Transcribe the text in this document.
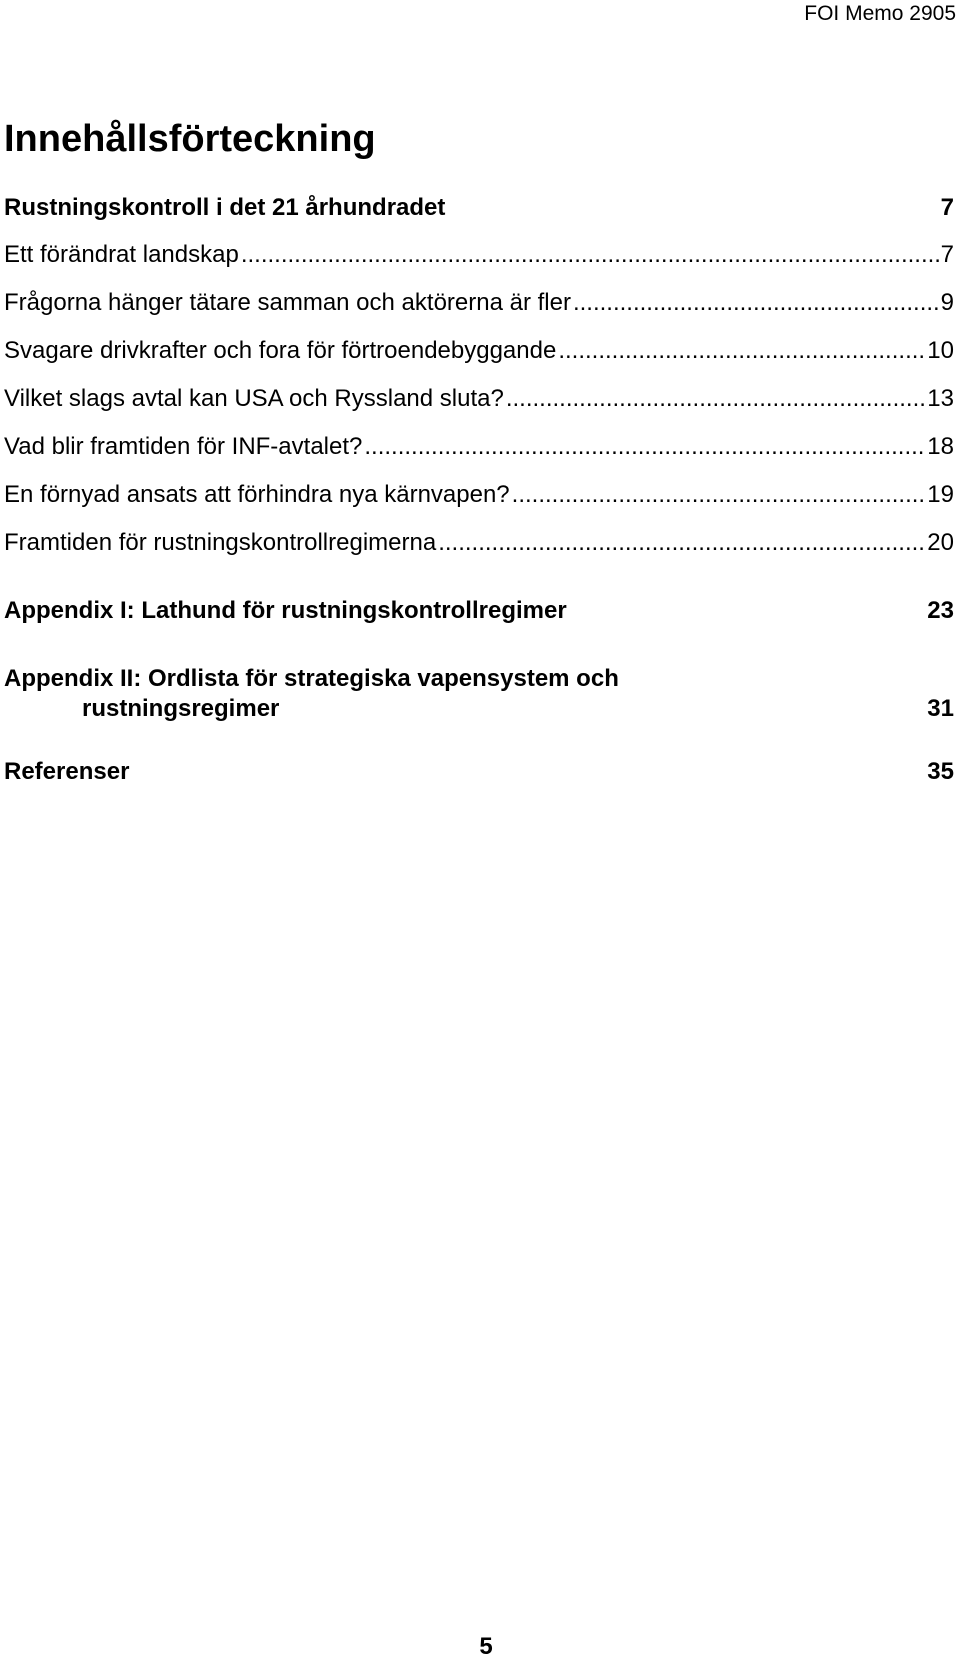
FOI Memo 2905
Innehållsförteckning
Rustningskontroll i det 21 århundradet	7
Ett förändrat landskap .....	7
Frågorna hänger tätare samman och aktörerna är fler .....	9
Svagare drivkrafter och fora för förtroendebyggande .....	10
Vilket slags avtal kan USA och Ryssland sluta? .....	13
Vad blir framtiden för INF-avtalet? .....	18
En förnyad ansats att förhindra nya kärnvapen? .....	19
Framtiden för rustningskontrollregimerna .....	20
Appendix I: Lathund för rustningskontrollregimer	23
Appendix II: Ordlista för strategiska vapensystem och
rustningsregimer	31
Referenser	35
5
